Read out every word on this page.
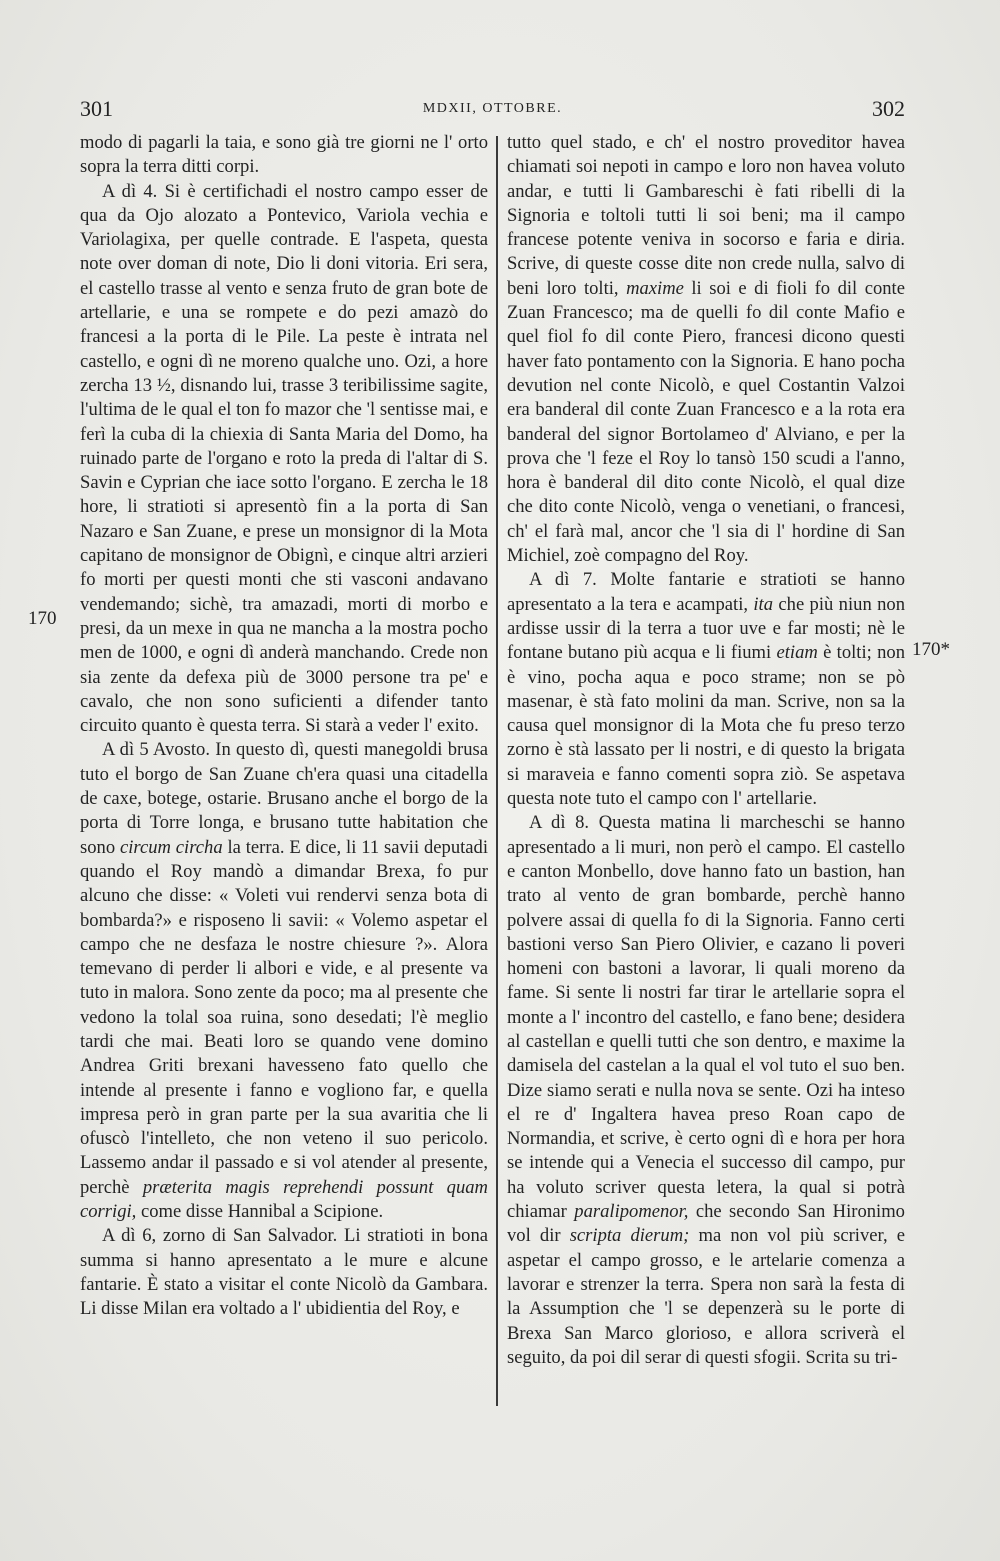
301	MDXII, OTTOBRE.	302
170
170*

modo di pagarli la taia, e sono già tre giorni ne l' orto sopra la terra ditti corpi.

A dì 4. Si è certifichadi el nostro campo esser de qua da Ojo alozato a Pontevico, Variola vechia e Variolagixa, per quelle contrade. E l'aspeta, questa note over doman di note, Dio li doni vitoria. Eri sera, el castello trasse al vento e senza fruto de gran bote de artellarie, e una se rompete e do pezi amazò do francesi a la porta di le Pile. La peste è intrata nel castello, e ogni dì ne moreno qualche uno. Ozi, a hore zercha 13 ½, disnando lui, trasse 3 teribilissime sagite, l'ultima de le qual el ton fo mazor che 'l sentisse mai, e ferì la cuba di la chiexia di Santa Maria del Domo, ha ruinado parte de l'organo e roto la preda di l'altar di S. Savin e Cyprian che iace sotto l'organo. E zercha le 18 hore, li stratioti si apresentò fin a la porta di San Nazaro e San Zuane, e prese un monsignor di la Mota capitano de monsignor de Obignì, e cinque altri arzieri fo morti per questi monti che sti vasconi andavano vendemando; sichè, tra amazadi, morti di morbo e presi, da un mexe in qua ne mancha a la mostra pocho men de 1000, e ogni dì anderà manchando. Crede non sia zente da defexa più de 3000 persone tra pe' e cavalo, che non sono suficienti a difender tanto circuito quanto è questa terra. Si starà a veder l' exito.

A dì 5 Avosto. In questo dì, questi manegoldi brusa tuto el borgo de San Zuane ch'era quasi una citadella de caxe, botege, ostarie. Brusano anche el borgo de la porta di Torre longa, e brusano tutte habitation che sono circum circha la terra. E dice, li 11 savii deputadi quando el Roy mandò a dimandar Brexa, fo pur alcuno che disse: « Voleti vui rendervi senza bota di bombarda?» e risposeno li savii: « Volemo aspetar el campo che ne desfaza le nostre chiesure ?». Alora temevano di perder li albori e vide, e al presente va tuto in malora. Sono zente da poco; ma al presente che vedono la tolal soa ruina, sono desedati; l'è meglio tardi che mai. Beati loro se quando vene domino Andrea Griti brexani havesseno fato quello che intende al presente i fanno e vogliono far, e quella impresa però in gran parte per la sua avaritia che li ofuscò l'intelleto, che non veteno il suo pericolo. Lassemo andar il passado e si vol atender al presente, perchè præterita magis reprehendi possunt quam corrigi, come disse Hannibal a Scipione.

A dì 6, zorno di San Salvador. Li stratioti in bona summa si hanno apresentato a le mure e alcune fantarie. È stato a visitar el conte Nicolò da Gambara. Li disse Milan era voltado a l' ubidientia del Roy, e

tutto quel stado, e ch' el nostro proveditor havea chiamati soi nepoti in campo e loro non havea voluto andar, e tutti li Gambareschi è fati ribelli di la Signoria e toltoli tutti li soi beni; ma il campo francese potente veniva in socorso e faria e diria. Scrive, di queste cosse dite non crede nulla, salvo di beni loro tolti, maxime li soi e di fioli fo dil conte Zuan Francesco; ma de quelli fo dil conte Mafio e quel fiol fo dil conte Piero, francesi dicono questi haver fato pontamento con la Signoria. E hano pocha devution nel conte Nicolò, e quel Costantin Valzoi era banderal dil conte Zuan Francesco e a la rota era banderal del signor Bortolameo d' Alviano, e per la prova che 'l feze el Roy lo tansò 150 scudi a l'anno, hora è banderal dil dito conte Nicolò, el qual dize che dito conte Nicolò, venga o venetiani, o francesi, ch' el farà mal, ancor che 'l sia di l' hordine di San Michiel, zoè compagno del Roy.

A dì 7. Molte fantarie e stratioti se hanno apresentato a la tera e acampati, ita che più niun non ardisse ussir di la terra a tuor uve e far mosti; nè le fontane butano più acqua e li fiumi etiam è tolti; non è vino, pocha aqua e poco strame; non se pò masenar, è stà fato molini da man. Scrive, non sa la causa quel monsignor di la Mota che fu preso terzo zorno è stà lassato per li nostri, e di questo la brigata si maraveia e fanno comenti sopra ziò. Se aspetava questa note tuto el campo con l' artellarie.

A dì 8. Questa matina li marcheschi se hanno apresentado a li muri, non però el campo. El castello e canton Monbello, dove hanno fato un bastion, han trato al vento de gran bombarde, perchè hanno polvere assai di quella fo di la Signoria. Fanno certi bastioni verso San Piero Olivier, e cazano li poveri homeni con bastoni a lavorar, li quali moreno da fame. Si sente li nostri far tirar le artellarie sopra el monte a l' incontro del castello, e fano bene; desidera al castellan e quelli tutti che son dentro, e maxime la damisela del castelan a la qual el vol tuto el suo ben. Dize siamo serati e nulla nova se sente. Ozi ha inteso el re d' Ingaltera havea preso Roan capo de Normandia, et scrive, è certo ogni dì e hora per hora se intende qui a Venecia el successo dil campo, pur ha voluto scriver questa letera, la qual si potrà chiamar paralipomenor, che secondo San Hironimo vol dir scripta dierum; ma non vol più scriver, e aspetar el campo grosso, e le artelarie comenza a lavorar e strenzer la terra. Spera non sarà la festa di la Assumption che 'l se depenzerà su le porte di Brexa San Marco glorioso, e allora scriverà el seguito, da poi dil serar di questi sfogii. Scrita su tri-
